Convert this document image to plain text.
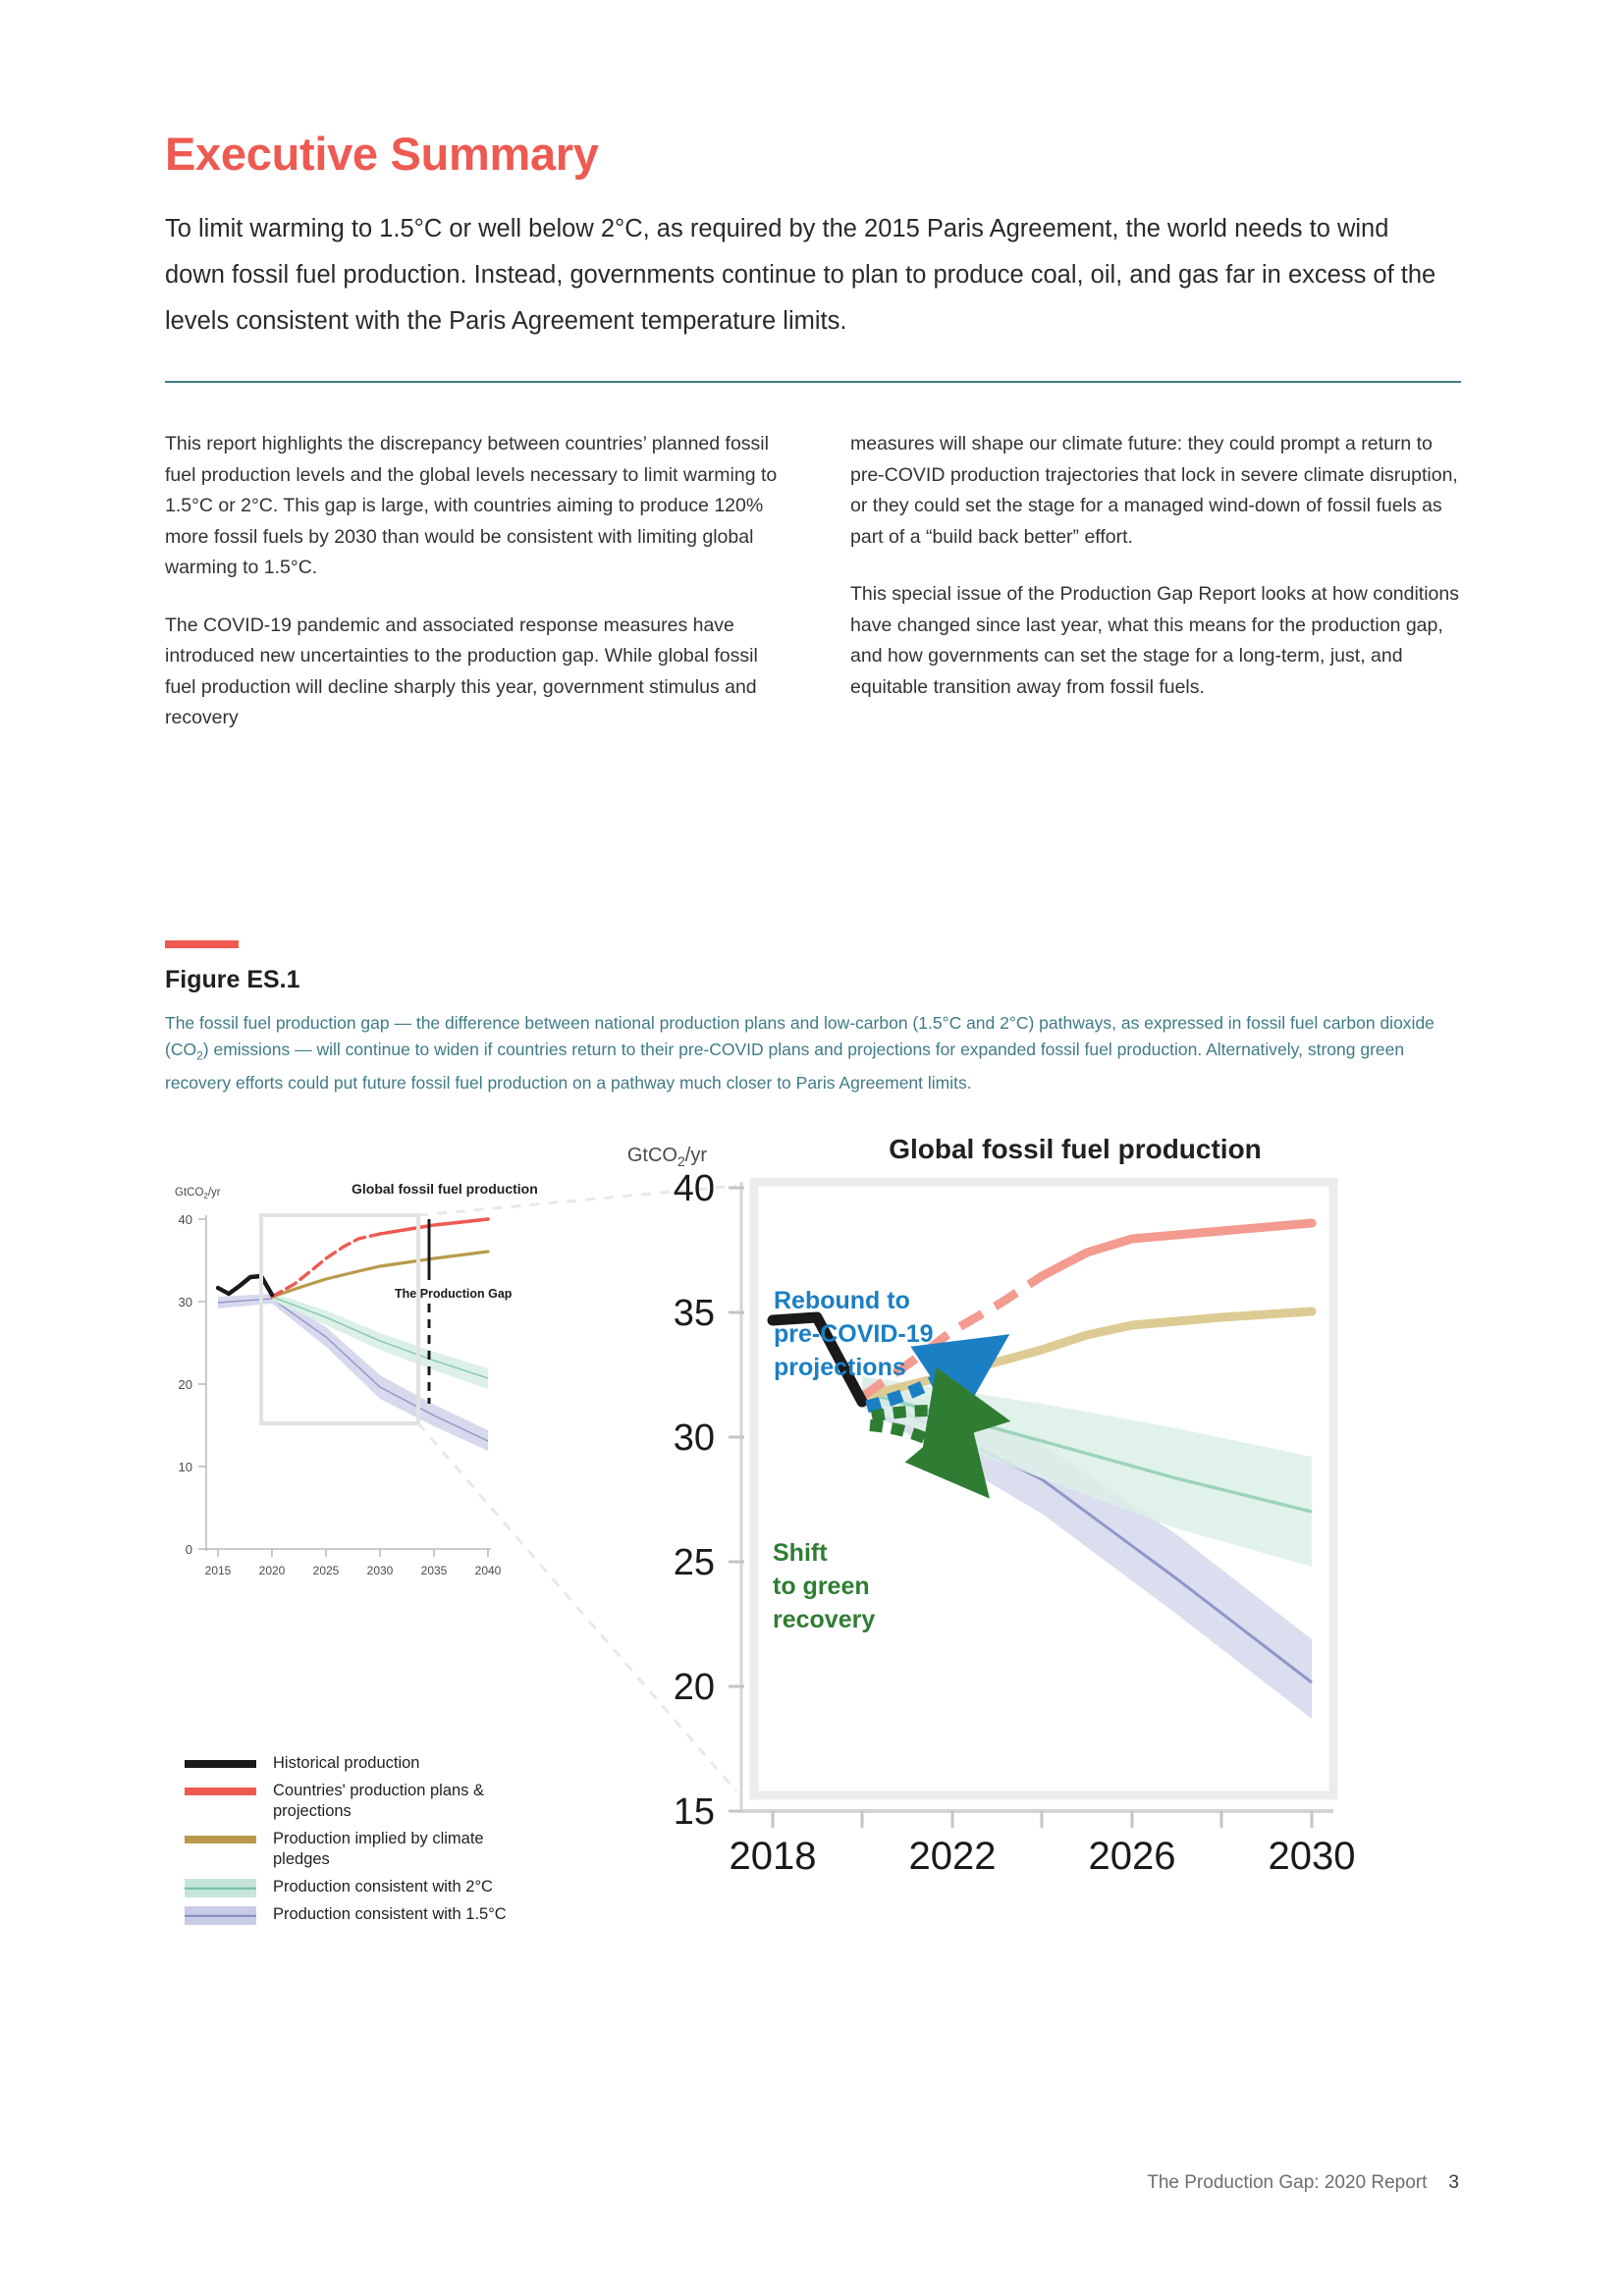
Executive Summary

To limit warming to 1.5°C or well below 2°C, as required by the 2015 Paris Agreement, the world needs to wind down fossil fuel production. Instead, governments continue to plan to produce coal, oil, and gas far in excess of the levels consistent with the Paris Agreement temperature limits.

This report highlights the discrepancy between countries’ planned fossil fuel production levels and the global levels necessary to limit warming to 1.5°C or 2°C. This gap is large, with countries aiming to produce 120% more fossil fuels by 2030 than would be consistent with limiting global warming to 1.5°C.

The COVID-19 pandemic and associated response measures have introduced new uncertainties to the production gap. While global fossil fuel production will decline sharply this year, government stimulus and recovery

measures will shape our climate future: they could prompt a return to pre-COVID production trajectories that lock in severe climate disruption, or they could set the stage for a managed wind-down of fossil fuels as part of a “build back better” effort.

This special issue of the Production Gap Report looks at how conditions have changed since last year, what this means for the production gap, and how governments can set the stage for a long-term, just, and equitable transition away from fossil fuels.

Figure ES.1
The fossil fuel production gap — the difference between national production plans and low-carbon (1.5°C and 2°C) pathways, as expressed in fossil fuel carbon dioxide $(CO_2)$ emissions — will continue to widen if countries return to their pre-COVID plans and projections for expanded fossil fuel production. Alternatively, strong green recovery efforts could put future fossil fuel production on a pathway much closer to Paris Agreement limits.
40
30
20
10
0
GtCO$_2$/yr	Global fossil fuel production
2015 2020 2025 2030 2035 2040
The Production Gap
Global fossil fuel production
GtCO$_2$/yr
40
35
30
25
20
15
2018 2022 2026 2030
Rebound to
pre-COVID-19
projections
Shift
to green
recovery
Historical production
Countries' production plans & projections
Production implied by climate pledges
Production consistent with 2°C
Production consistent with 1.5°C
The Production Gap: 2020 Report 3
